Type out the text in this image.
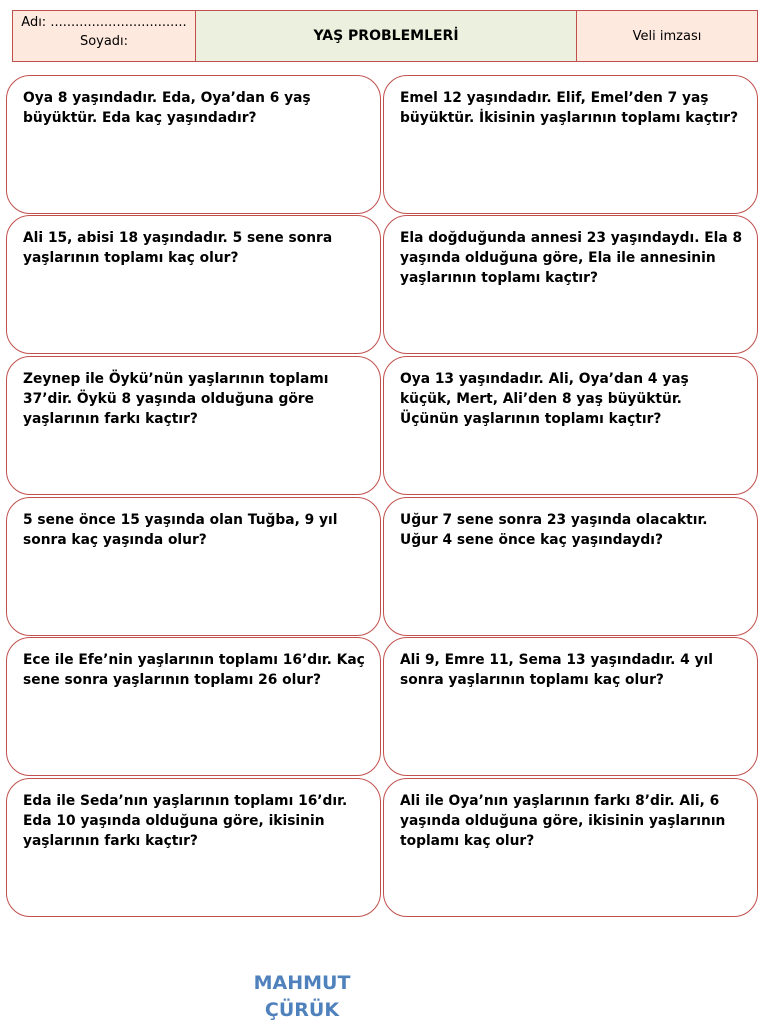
Adı: .................................
Soyadı:	YAŞ PROBLEMLERİ	Veli imzası
Oya 8 yaşındadır. Eda, Oya’dan 6 yaş büyüktür. Eda kaç yaşındadır?
Emel 12 yaşındadır. Elif, Emel’den 7 yaş büyüktür. İkisinin yaşlarının toplamı kaçtır?
Ali 15, abisi 18 yaşındadır. 5 sene sonra yaşlarının toplamı kaç olur?
Ela doğduğunda annesi 23 yaşındaydı. Ela 8 yaşında olduğuna göre, Ela ile annesinin yaşlarının toplamı kaçtır?
Zeynep ile Öykü’nün yaşlarının toplamı 37’dir. Öykü 8 yaşında olduğuna göre yaşlarının farkı kaçtır?
Oya 13 yaşındadır. Ali, Oya’dan 4 yaş küçük, Mert, Ali’den 8 yaş büyüktür. Üçünün yaşlarının toplamı kaçtır?
5 sene önce 15 yaşında olan Tuğba, 9 yıl sonra kaç yaşında olur?
Uğur 7 sene sonra 23 yaşında olacaktır. Uğur 4 sene önce kaç yaşındaydı?
Ece ile Efe’nin yaşlarının toplamı 16’dır. Kaç sene sonra yaşlarının toplamı 26 olur?
Ali 9, Emre 11, Sema 13 yaşındadır. 4 yıl sonra yaşlarının toplamı kaç olur?
Eda ile Seda’nın yaşlarının toplamı 16’dır. Eda 10 yaşında olduğuna göre, ikisinin yaşlarının farkı kaçtır?
Ali ile Oya’nın yaşlarının farkı 8’dir. Ali, 6 yaşında olduğuna göre, ikisinin yaşlarının toplamı kaç olur?
MAHMUT
ÇÜRÜK
